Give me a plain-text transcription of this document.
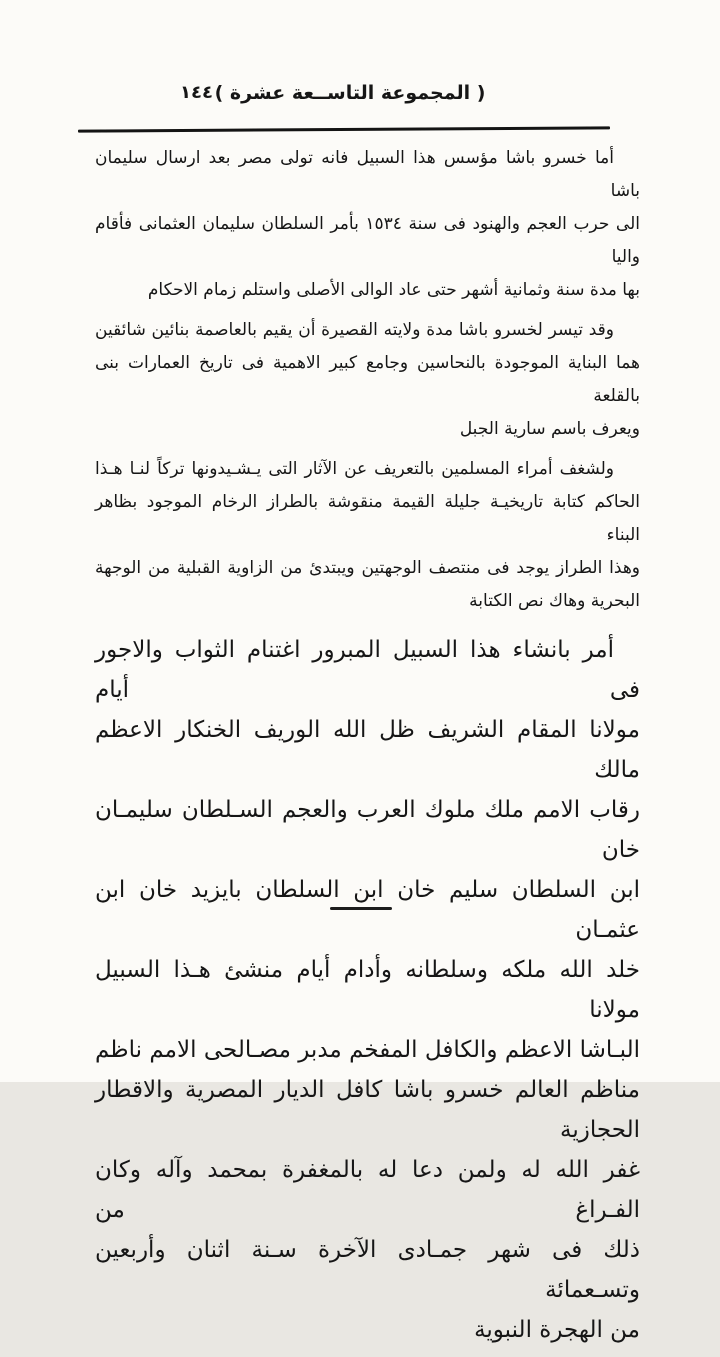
( المجموعة التاســعة عشرة )
١٤٤
أما خسرو باشا مؤسس هذا السبيل فانه تولى مصر بعد ارسال سليمان باشا
الى حرب العجم والهنود فى سنة ١٥٣٤ بأمر السلطان سليمان العثمانى فأقام واليا
بها مدة سنة وثمانية أشهر حتى عاد الوالى الأصلى واستلم زمام الاحكام
وقد تيسر لخسرو باشا مدة ولايته القصيرة أن يقيم بالعاصمة بنائين شائقين
هما البناية الموجودة بالنحاسين وجامع كبير الاهمية فى تاريخ العمارات بنى بالقلعة
ويعرف باسم سارية الجبل
ولشغف أمراء المسلمين بالتعريف عن الآثار التى يـشـيدونها تركاً لنـا هـذا
الحاكم كتابة تاريخيـة جليلة القيمة منقوشة بالطراز الرخام الموجود بظاهر البناء
وهذا الطراز يوجد فى منتصف الوجهتين ويبتدئ من الزاوية القبلية من الوجهة
البحرية وهاك نص الكتابة
أمر بانشاء هذا السبيل المبرور اغتنام الثواب والاجور فى أيام
مولانا المقام الشريف ظل الله الوريف الخنكار الاعظم مالك
رقاب الامم ملك ملوك العرب والعجم السـلطان سليمـان خان
ابن السلطان سليم خان ابن السلطان بايزيد خان ابن عثمـان
خلد الله ملكه وسلطانه وأدام أيام منشئ هـذا السبيل مولانا
البـاشا الاعظم والكافل المفخم مدبر مصـالحى الامم ناظم
مناظم العالم خسرو باشا كافل الديار المصرية والاقطار الحجازية
غفر الله له ولمن دعا له بالمغفرة بمحمد وآله وكان الفـراغ من
ذلك فى شهر جمـادى الآخرة سـنة اثنان وأربعين وتسـعمائة
من الهجرة النبوية
